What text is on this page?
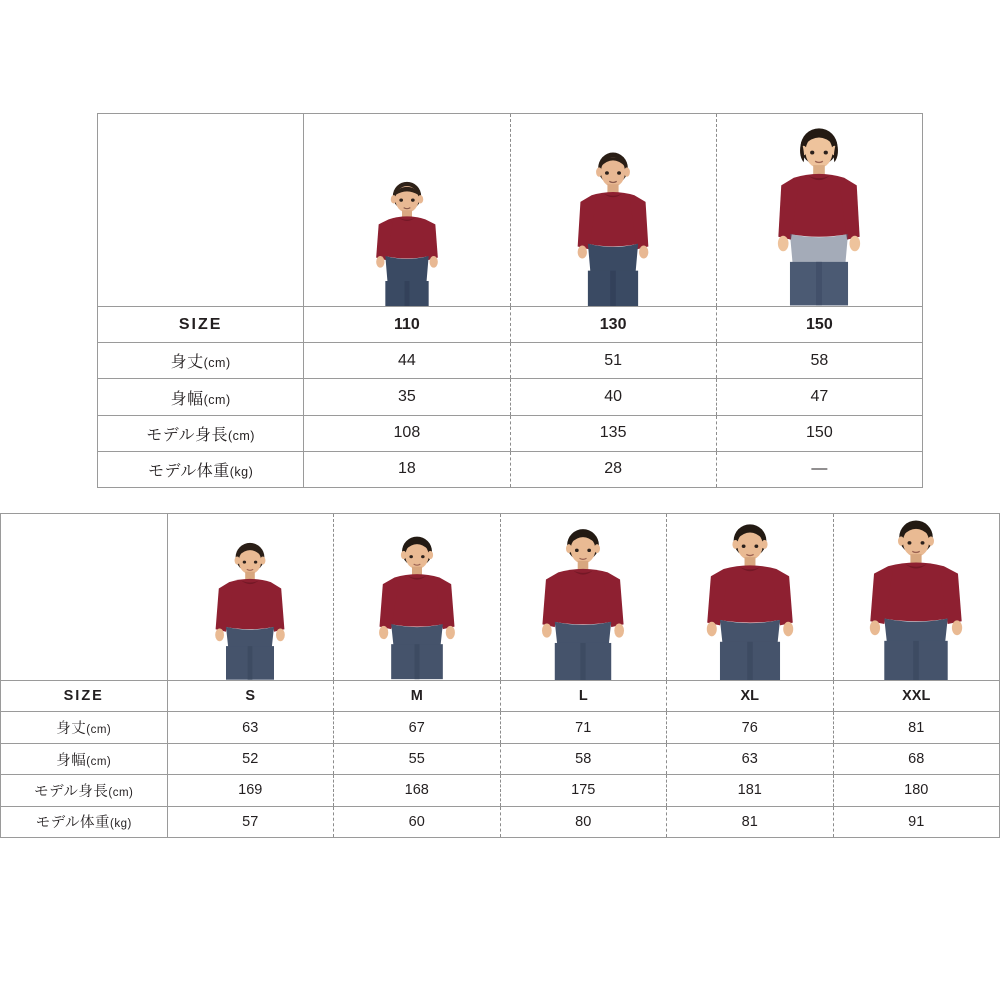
SIZE	110	130	150
身丈(cm)	44	51	58
身幅(cm)	35	40	47
モデル身長(cm)	108	135	150
モデル体重(kg)	18	28	—

SIZE	S	M	L	XL	XXL
身丈(cm)	63	67	71	76	81
身幅(cm)	52	55	58	63	68
モデル身長(cm)	169	168	175	181	180
モデル体重(kg)	57	60	80	81	91
